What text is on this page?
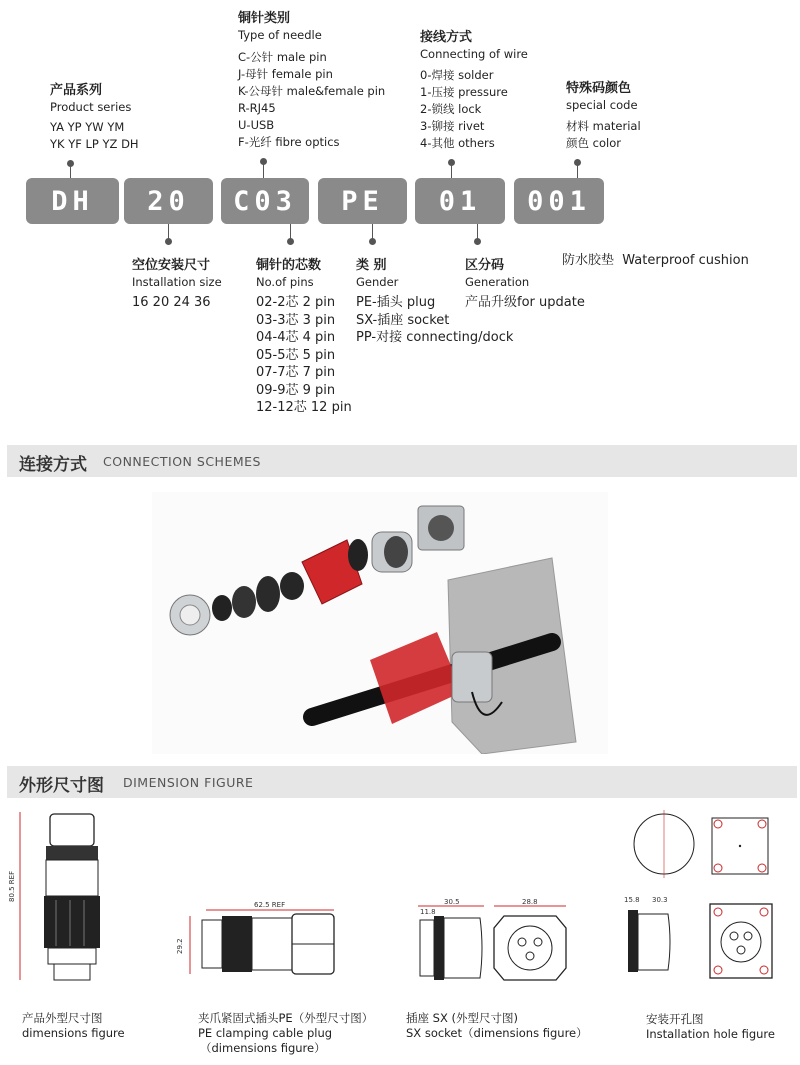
产品系列
Product series
YA YP YW YM
YK YF LP YZ DH
铜针类别
Type of needle
C-公针 male pin
J-母针 female pin
K-公母针 male&female pin
R-RJ45
U-USB
F-光纤 fibre optics
接线方式
Connecting of wire
0-焊接 solder
1-压接 pressure
2-锁线 lock
3-铆接 rivet
4-其他 others
特殊码颜色
special code
材料 material
颜色 color
DH	20	C03	PE	01	001
空位安装尺寸
Installation size
16 20 24 36
铜针的芯数
No.of pins
02-2芯 2 pin
03-3芯 3 pin
04-4芯 4 pin
05-5芯 5 pin
07-7芯 7 pin
09-9芯 9 pin
12-12芯 12 pin
类 别
Gender
PE-插头 plug
SX-插座 socket
PP-对接 connecting/dock
区分码
Generation
产品升级for update
防水胶垫  Waterproof cushion
连接方式 CONNECTION SCHEMES
外形尺寸图 DIMENSION FIGURE
80.5 REF
产品外型尺寸图
dimensions figure
62.5 REF
29.2
夹爪紧固式插头PE（外型尺寸图）
PE clamping cable plug
（dimensions figure）
30.5
11.8
28.8
插座 SX (外型尺寸图)
SX socket（dimensions figure）
15.8 30.3
安装开孔图
Installation hole figure
